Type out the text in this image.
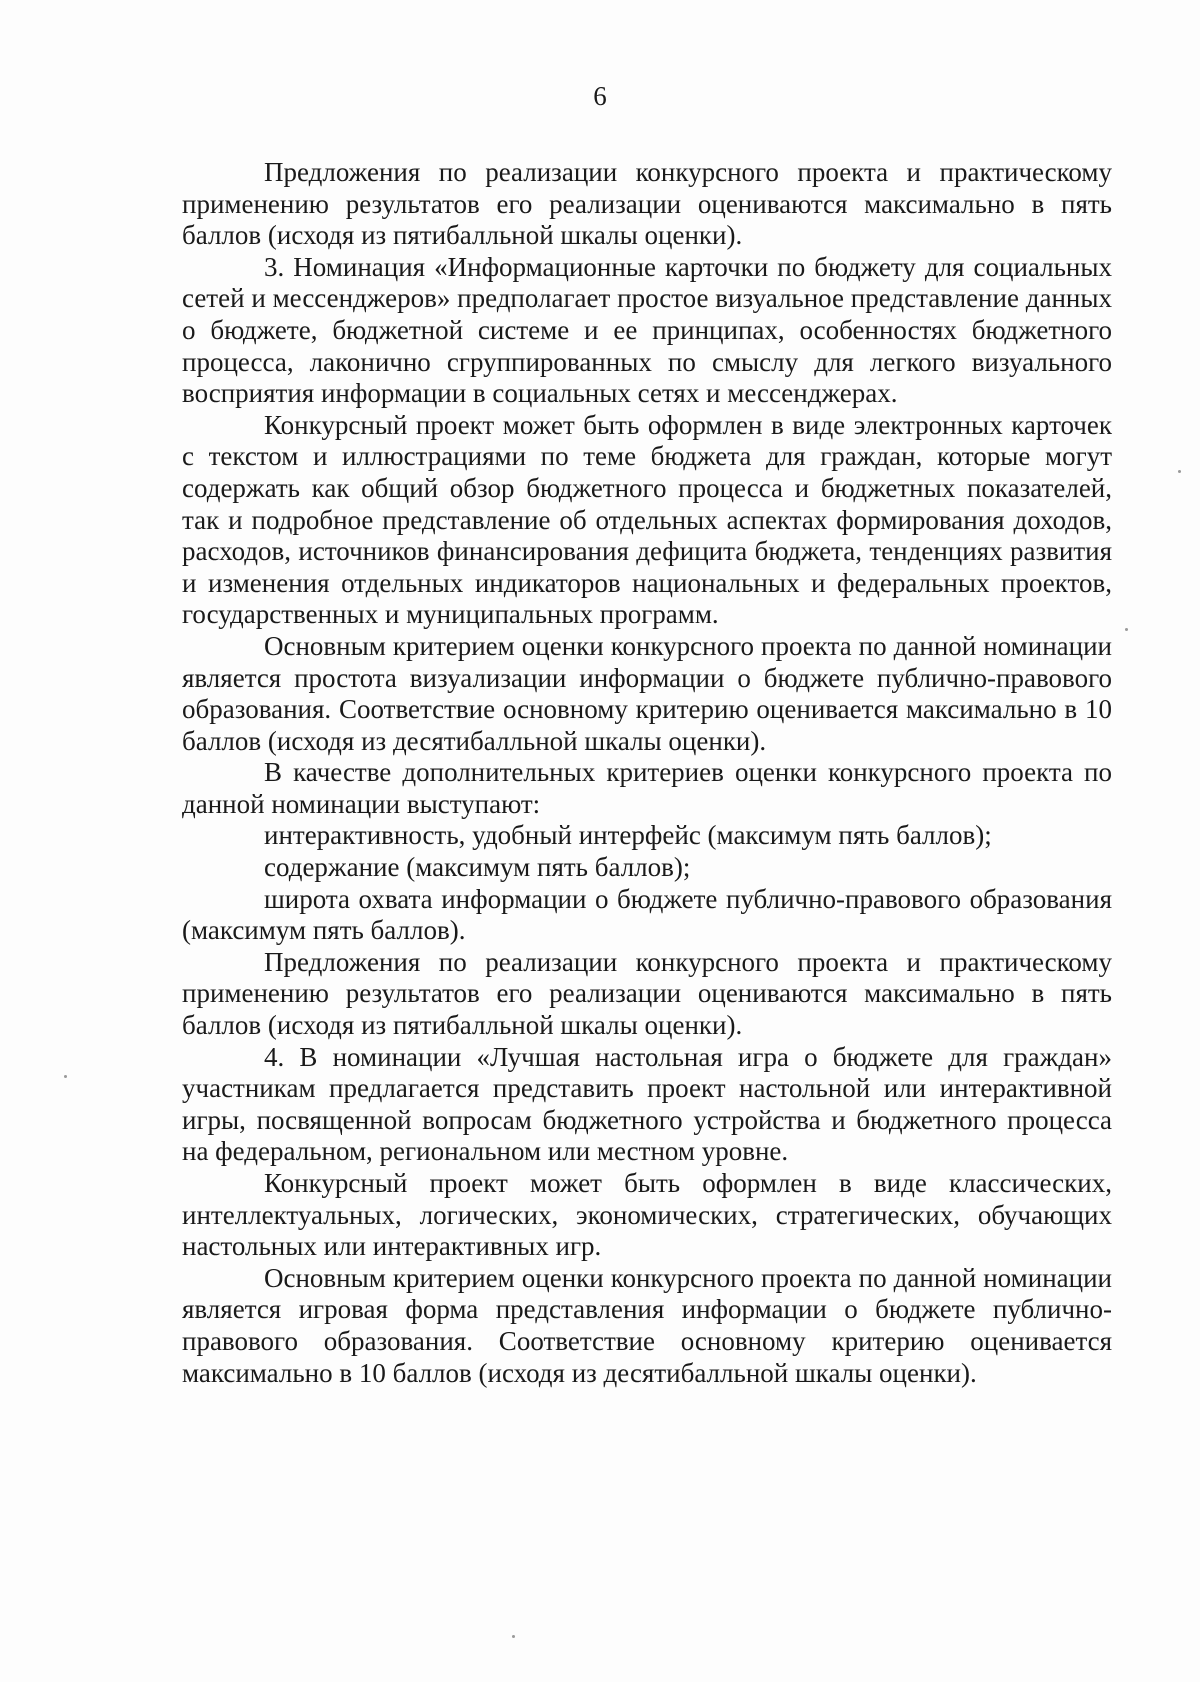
6

Предложения по реализации конкурсного проекта и практическому применению результатов его реализации оцениваются максимально в пять баллов (исходя из пятибалльной шкалы оценки).

3. Номинация «Информационные карточки по бюджету для социальных сетей и мессенджеров» предполагает простое визуальное представление данных о бюджете, бюджетной системе и ее принципах, особенностях бюджетного процесса, лаконично сгруппированных по смыслу для легкого визуального восприятия информации в социальных сетях и мессенджерах.

Конкурсный проект может быть оформлен в виде электронных карточек с текстом и иллюстрациями по теме бюджета для граждан, которые могут содержать как общий обзор бюджетного процесса и бюджетных показателей, так и подробное представление об отдельных аспектах формирования доходов, расходов, источников финансирования дефицита бюджета, тенденциях развития и изменения отдельных индикаторов национальных и федеральных проектов, государственных и муниципальных программ.

Основным критерием оценки конкурсного проекта по данной номинации является простота визуализации информации о бюджете публично-правового образования. Соответствие основному критерию оценивается максимально в 10 баллов (исходя из десятибалльной шкалы оценки).

В качестве дополнительных критериев оценки конкурсного проекта по данной номинации выступают:

интерактивность, удобный интерфейс (максимум пять баллов);

содержание (максимум пять баллов);

широта охвата информации о бюджете публично-правового образования (максимум пять баллов).

Предложения по реализации конкурсного проекта и практическому применению результатов его реализации оцениваются максимально в пять баллов (исходя из пятибалльной шкалы оценки).

4. В номинации «Лучшая настольная игра о бюджете для граждан» участникам предлагается представить проект настольной или интерактивной игры, посвященной вопросам бюджетного устройства и бюджетного процесса на федеральном, региональном или местном уровне.

Конкурсный проект может быть оформлен в виде классических, интеллектуальных, логических, экономических, стратегических, обучающих настольных или интерактивных игр.

Основным критерием оценки конкурсного проекта по данной номинации является игровая форма представления информации о бюджете публично-правового образования. Соответствие основному критерию оценивается максимально в 10 баллов (исходя из десятибалльной шкалы оценки).
